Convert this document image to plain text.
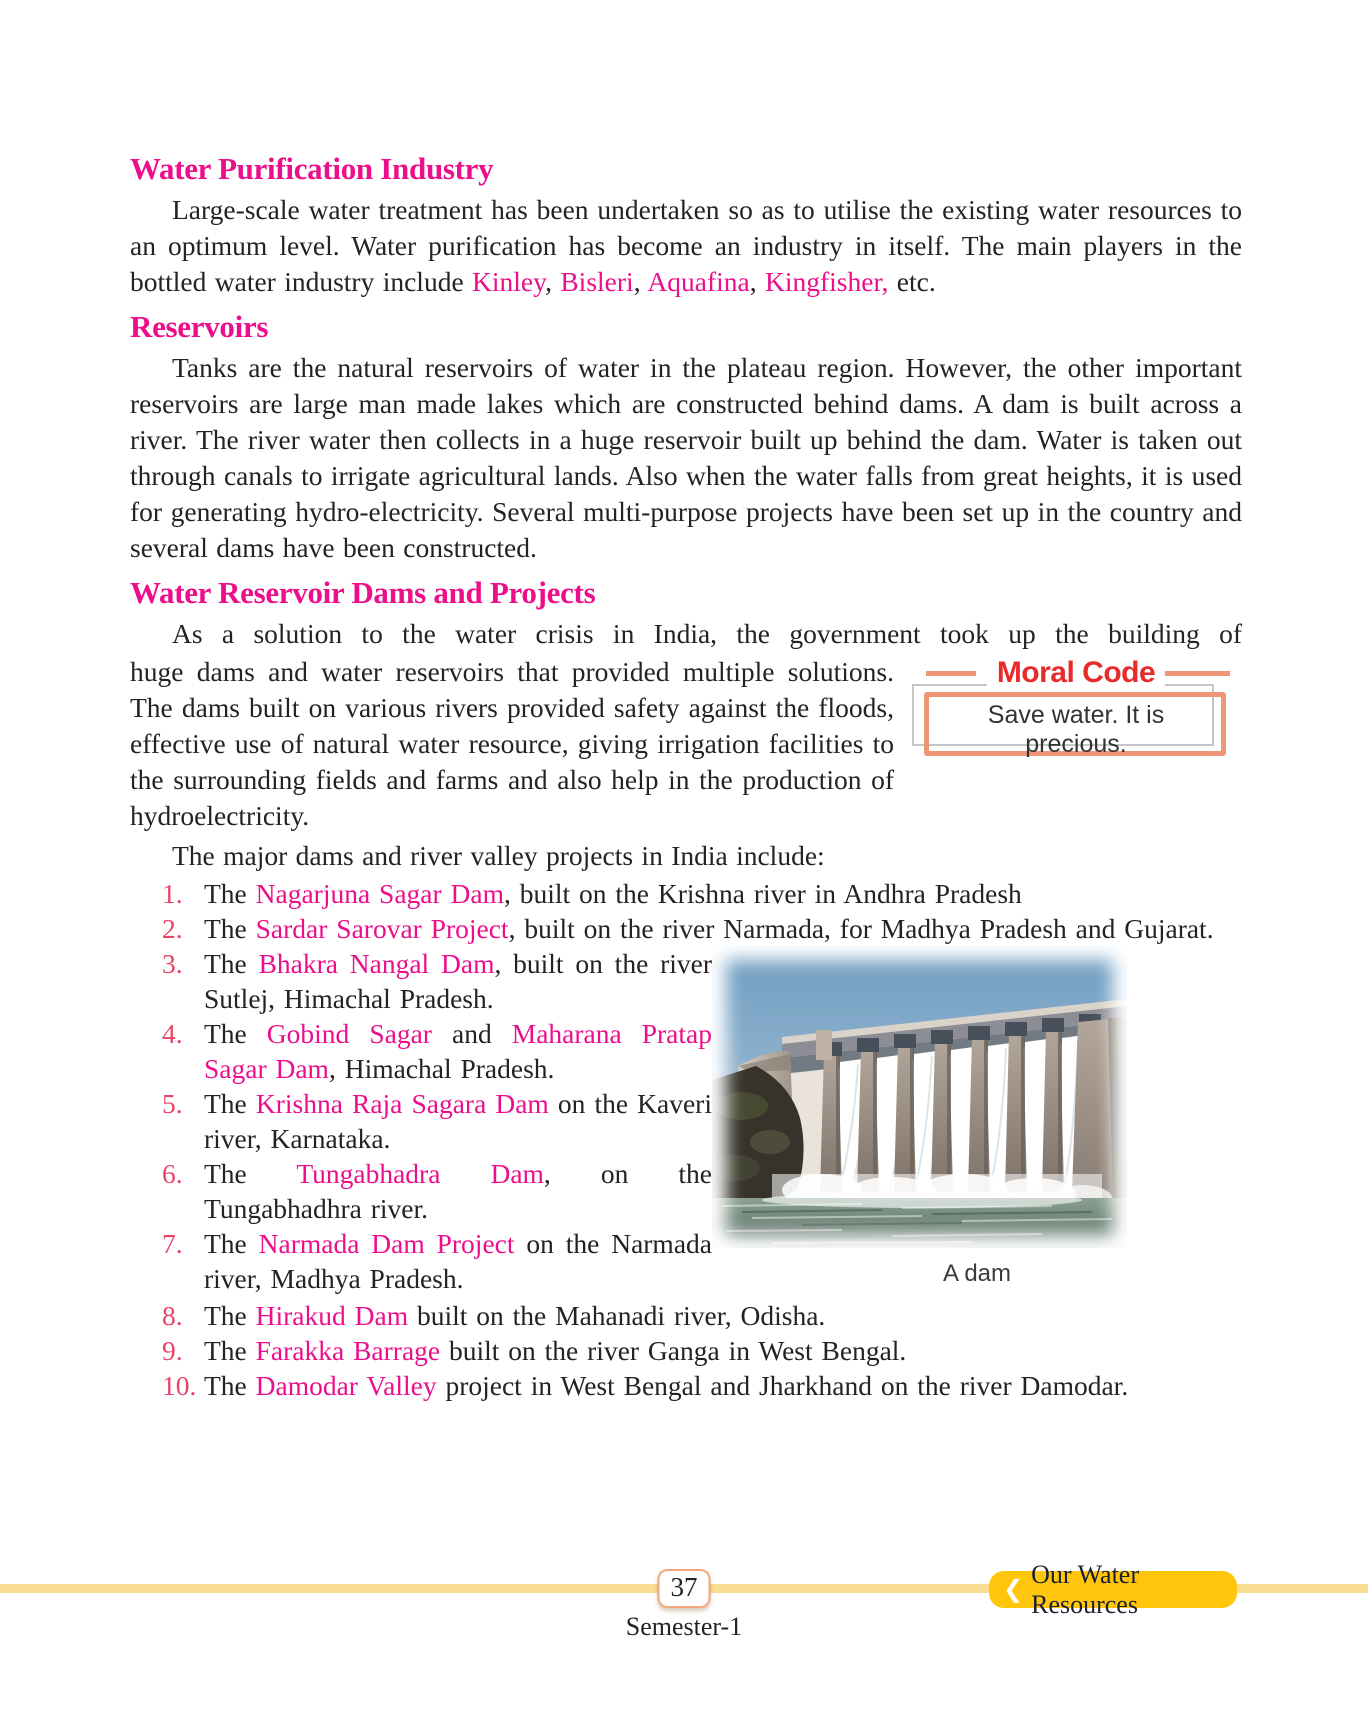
Water Purification Industry

Large-scale water treatment has been undertaken so as to utilise the existing water resources to an optimum level. Water purification has become an industry in itself. The main players in the bottled water industry include Kinley, Bisleri, Aquafina, Kingfisher, etc.

Reservoirs

Tanks are the natural reservoirs of water in the plateau region. However, the other important reservoirs are large man made lakes which are constructed behind dams. A dam is built across a river. The river water then collects in a huge reservoir built up behind the dam. Water is taken out through canals to irrigate agricultural lands. Also when the water falls from great heights, it is used for generating hydro-electricity. Several multi-purpose projects have been set up in the country and several dams have been constructed.

Water Reservoir Dams and Projects

As a solution to the water crisis in India, the government took up the building of

Save water. It is precious.
Moral Code

huge dams and water reservoirs that provided multiple solutions. The dams built on various rivers provided safety against the floods, effective use of natural water resource, giving irrigation facilities to the surrounding fields and farms and also help in the production of hydroelectricity.

The major dams and river valley projects in India include:

1. The Nagarjuna Sagar Dam, built on the Krishna river in Andhra Pradesh
2. The Sardar Sarovar Project, built on the river Narmada, for Madhya Pradesh and Gujarat.
A dam
3. The Bhakra Nangal Dam, built on the river Sutlej, Himachal Pradesh.
4. The Gobind Sagar and Maharana Pratap Sagar Dam, Himachal Pradesh.
5. The Krishna Raja Sagara Dam on the Kaveri river, Karnataka.
6. The Tungabhadra Dam, on the Tungabhadhra river.
7. The Narmada Dam Project on the Narmada river, Madhya Pradesh.
8. The Hirakud Dam built on the Mahanadi river, Odisha.
9. The Farakka Barrage built on the river Ganga in West Bengal.
10. The Damodar Valley project in West Bengal and Jharkhand on the river Damodar.
37
Semester-1
❮
Our Water Resources
